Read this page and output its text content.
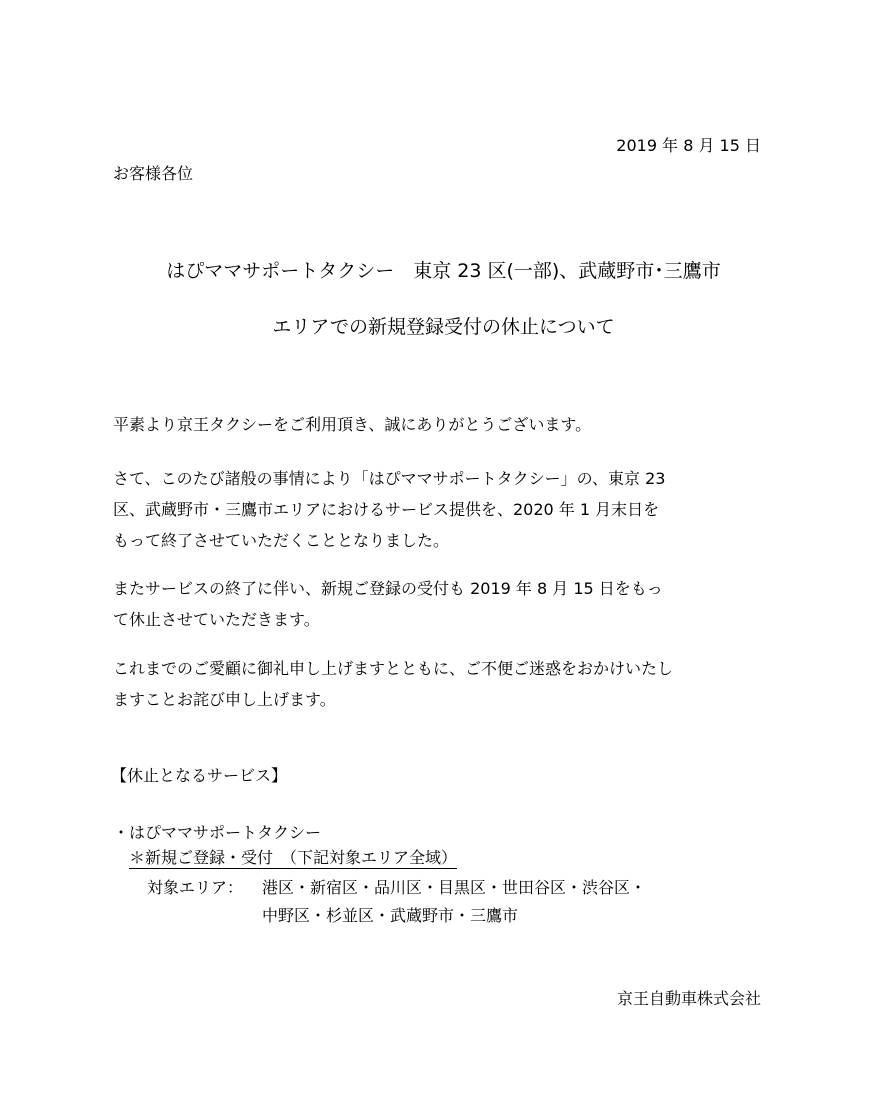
2019 年 8 月 15 日
お客様各位
はぴママサポートタクシー　東京 23 区(一部)、武蔵野市･三鷹市
エリアでの新規登録受付の休止について
平素より京王タクシーをご利用頂き、誠にありがとうございます。
さて、このたび諸般の事情により「はぴママサポートタクシー」の、東京 23
区、武蔵野市・三鷹市エリアにおけるサービス提供を、2020 年 1 月末日を
もって終了させていただくこととなりました。
またサービスの終了に伴い、新規ご登録の受付も 2019 年 8 月 15 日をもっ
て休止させていただきます。
これまでのご愛顧に御礼申し上げますとともに、ご不便ご迷惑をおかけいたし
ますことお詫び申し上げます。
【休止となるサービス】
・はぴママサポートタクシー
＊新規ご登録・受付　（下記対象エリア全域）
対象エリア： 港区・新宿区・品川区・目黒区・世田谷区・渋谷区・
中野区・杉並区・武蔵野市・三鷹市
京王自動車株式会社
